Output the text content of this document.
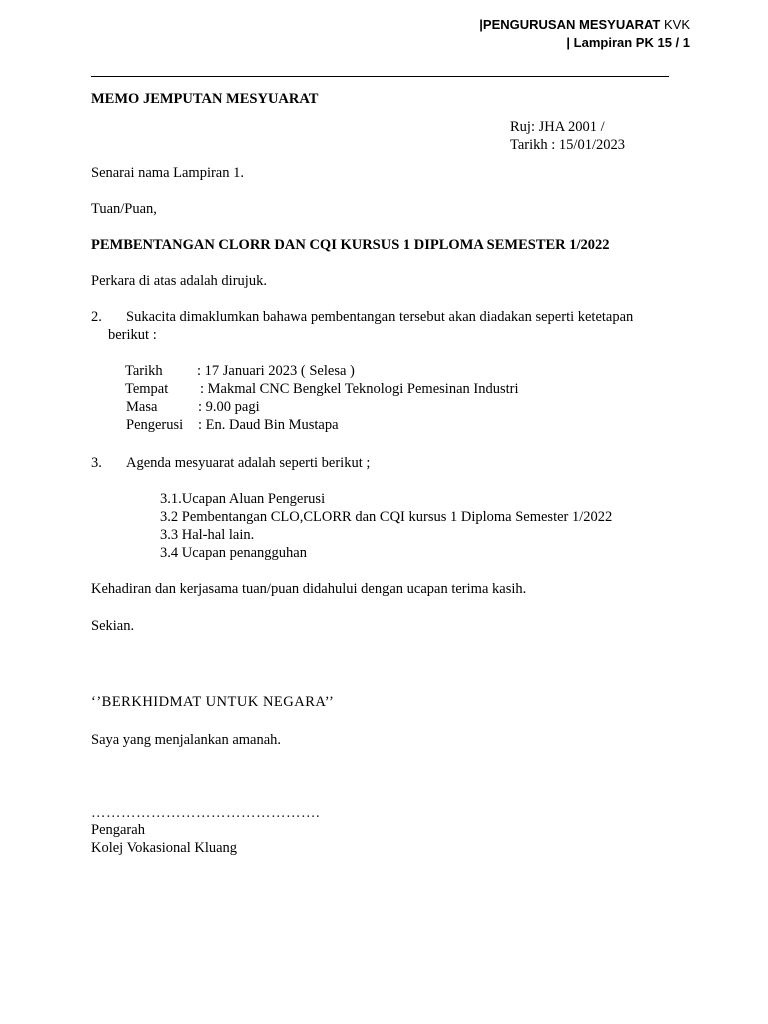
|PENGURUSAN MESYUARAT KVK
| Lampiran PK 15 / 1
MEMO JEMPUTAN MESYUARAT
Ruj: JHA 2001 /
Tarikh : 15/01/2023
Senarai nama Lampiran 1.
Tuan/Puan,
PEMBENTANGAN CLORR DAN CQI KURSUS 1 DIPLOMA SEMESTER 1/2022
Perkara di atas adalah dirujuk.
2. Sukacita dimaklumkan bahawa pembentangan tersebut akan diadakan seperti ketetapan
berikut :
Tarikh : 17 Januari 2023 ( Selesa )
Tempat : Makmal CNC Bengkel Teknologi Pemesinan Industri
Masa	: 9.00 pagi
Pengerusi : En. Daud Bin Mustapa
3. Agenda mesyuarat adalah seperti berikut ;
3.1.Ucapan Aluan Pengerusi
3.2 Pembentangan CLO,CLORR dan CQI kursus 1 Diploma Semester 1/2022
3.3 Hal-hal lain.
3.4 Ucapan penangguhan
Kehadiran dan kerjasama tuan/puan didahului dengan ucapan terima kasih.
Sekian.
‘’BERKHIDMAT UNTUK NEGARA’’
Saya yang menjalankan amanah.
……………………………………….
Pengarah
Kolej Vokasional Kluang
